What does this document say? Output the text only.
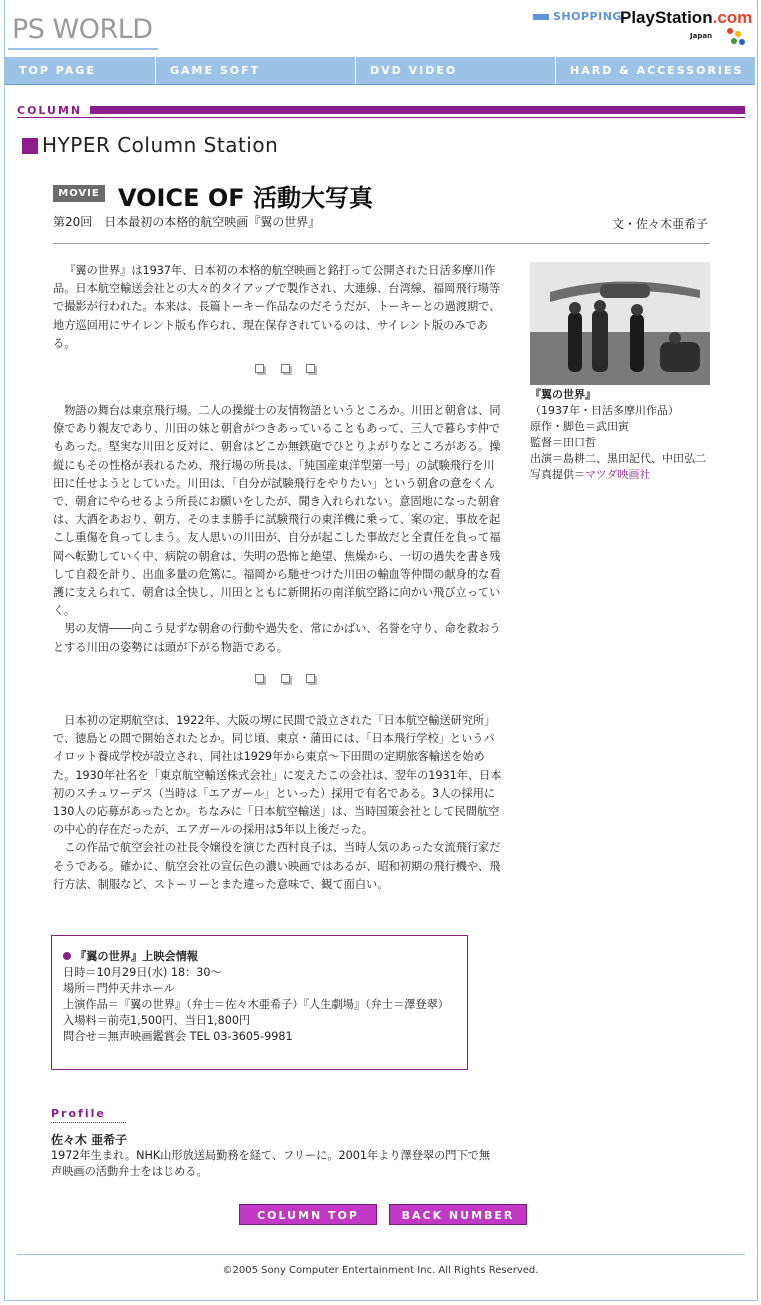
PS WORLD	SHOPPING
PlayStation.com
Japan
TOP PAGE	GAME SOFT	DVD VIDEO	HARD & ACCESSORIES
COLUMN
HYPER Column Station
MOVIE VOICE OF 活動大写真
第20回　日本最初の本格的航空映画『翼の世界』	文・佐々木亜希子

『翼の世界』は1937年、日本初の本格的航空映画と銘打って公開された日活多摩川作品。日本航空輸送会社との大々的タイアップで製作され、大連線、台湾線、福岡飛行場等で撮影が行われた。本来は、長篇トーキー作品なのだそうだが、トーキーとの過渡期で、地方巡回用にサイレント版も作られ、現在保存されているのは、サイレント版のみである。

物語の舞台は東京飛行場。二人の操縦士の友情物語というところか。川田と朝倉は、同僚であり親友であり、川田の妹と朝倉がつきあっていることもあって、三人で暮らす仲でもあった。堅実な川田と反対に、朝倉はどこか無鉄砲でひとりよがりなところがある。操縦にもその性格が表れるため、飛行場の所長は、「純国産東洋型第一号」の試験飛行を川田に任せようとしていた。川田は、「自分が試験飛行をやりたい」という朝倉の意をくんで、朝倉にやらせるよう所長にお願いをしたが、聞き入れられない。意固地になった朝倉は、大酒をあおり、朝方、そのまま勝手に試験飛行の東洋機に乗って、案の定、事故を起こし重傷を負ってしまう。友人思いの川田が、自分が起こした事故だと全責任を負って福岡へ転勤していく中、病院の朝倉は、失明の恐怖と絶望、焦燥から、一切の過失を書き残して自殺を計り、出血多量の危篤に。福岡から馳せつけた川田の輸血等仲間の献身的な看護に支えられて、朝倉は全快し、川田とともに新開拓の南洋航空路に向かい飛び立っていく。

男の友情――向こう見ずな朝倉の行動や過失を、常にかばい、名誉を守り、命を救おうとする川田の姿勢には頭が下がる物語である。

日本初の定期航空は、1922年、大阪の堺に民間で設立された「日本航空輸送研究所」で、徳島との間で開始されたとか。同じ頃、東京・蒲田には、「日本飛行学校」というパイロット養成学校が設立され、同社は1929年から東京～下田間の定期旅客輸送を始めた。1930年社名を「東京航空輸送株式会社」に変えたこの会社は、翌年の1931年、日本初のスチュワーデス（当時は「エアガール」といった）採用で有名である。3人の採用に130人の応募があったとか。ちなみに「日本航空輸送」は、当時国策会社として民間航空の中心的存在だったが、エアガールの採用は5年以上後だった。

この作品で航空会社の社長令嬢役を演じた西村良子は、当時人気のあった女流飛行家だそうである。確かに、航空会社の宣伝色の濃い映画ではあるが、昭和初期の飛行機や、飛行方法、制服など、ストーリーとまた違った意味で、観て面白い。

『翼の世界』
（1937年・日活多摩川作品）
原作・脚色＝武田寅
監督＝田口哲
出演＝島耕二、黒田記代、中田弘二
写真提供＝マツダ映画社
『翼の世界』上映会情報
日時＝10月29日(水) 18：30～
場所＝門仲天井ホール
上演作品＝『翼の世界』（弁士＝佐々木亜希子）『人生劇場』（弁士＝澤登翠）
入場料＝前売1,500円、当日1,800円
問合せ＝無声映画鑑賞会 TEL 03-3605-9981
Profile
佐々木 亜希子
1972年生まれ。NHK山形放送局勤務を経て、フリーに。2001年より澤登翠の門下で無声映画の活動弁士をはじめる。
COLUMN TOP	BACK NUMBER
©2005 Sony Computer Entertainment Inc. All Rights Reserved.
